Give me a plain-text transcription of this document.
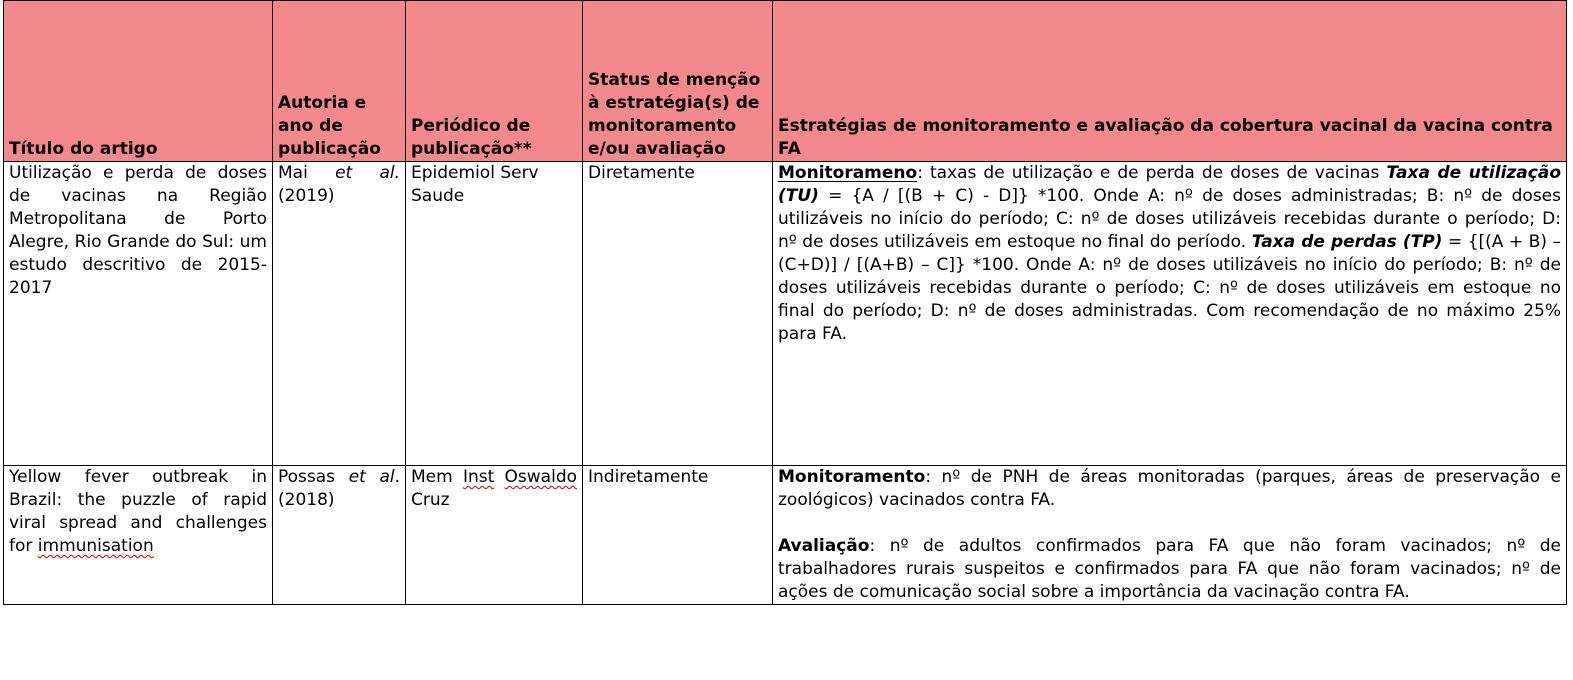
Título do artigo	Autoria e ano de publicação	Periódico de publicação**	Status de menção à estratégia(s) de monitoramento e/ou avaliação	Estratégias de monitoramento e avaliação da cobertura vacinal da vacina contra FA
Utilização e perda de doses de vacinas na Região Metropolitana de Porto Alegre, Rio Grande do Sul: um estudo descritivo de 2015-2017	Mai et al. (2019)	Epidemiol Serv Saude	Diretamente	Monitorameno: taxas de utilização e de perda de doses de vacinas Taxa de utilização (TU) = {A / [(B + C) - D]} *100. Onde A: nº de doses administradas; B: nº de doses utilizáveis no início do período; C: nº de doses utilizáveis recebidas durante o período; D: nº de doses utilizáveis em estoque no final do período. Taxa de perdas (TP) = {[(A + B) – (C+D)] / [(A+B) – C]} *100. Onde A: nº de doses utilizáveis no início do período; B: nº de doses utilizáveis recebidas durante o período; C: nº de doses utilizáveis em estoque no final do período; D: nº de doses administradas. Com recomendação de no máximo 25% para FA.
Yellow fever outbreak in Brazil: the puzzle of rapid viral spread and challenges for immunisation	Possas et al. (2018)	Mem Inst Oswaldo Cruz	Indiretamente	Monitoramento: nº de PNH de áreas monitoradas (parques, áreas de preservação e zoológicos) vacinados contra FA.
Avaliação: nº de adultos confirmados para FA que não foram vacinados; nº de trabalhadores rurais suspeitos e confirmados para FA que não foram vacinados; nº de ações de comunicação social sobre a importância da vacinação contra FA.
